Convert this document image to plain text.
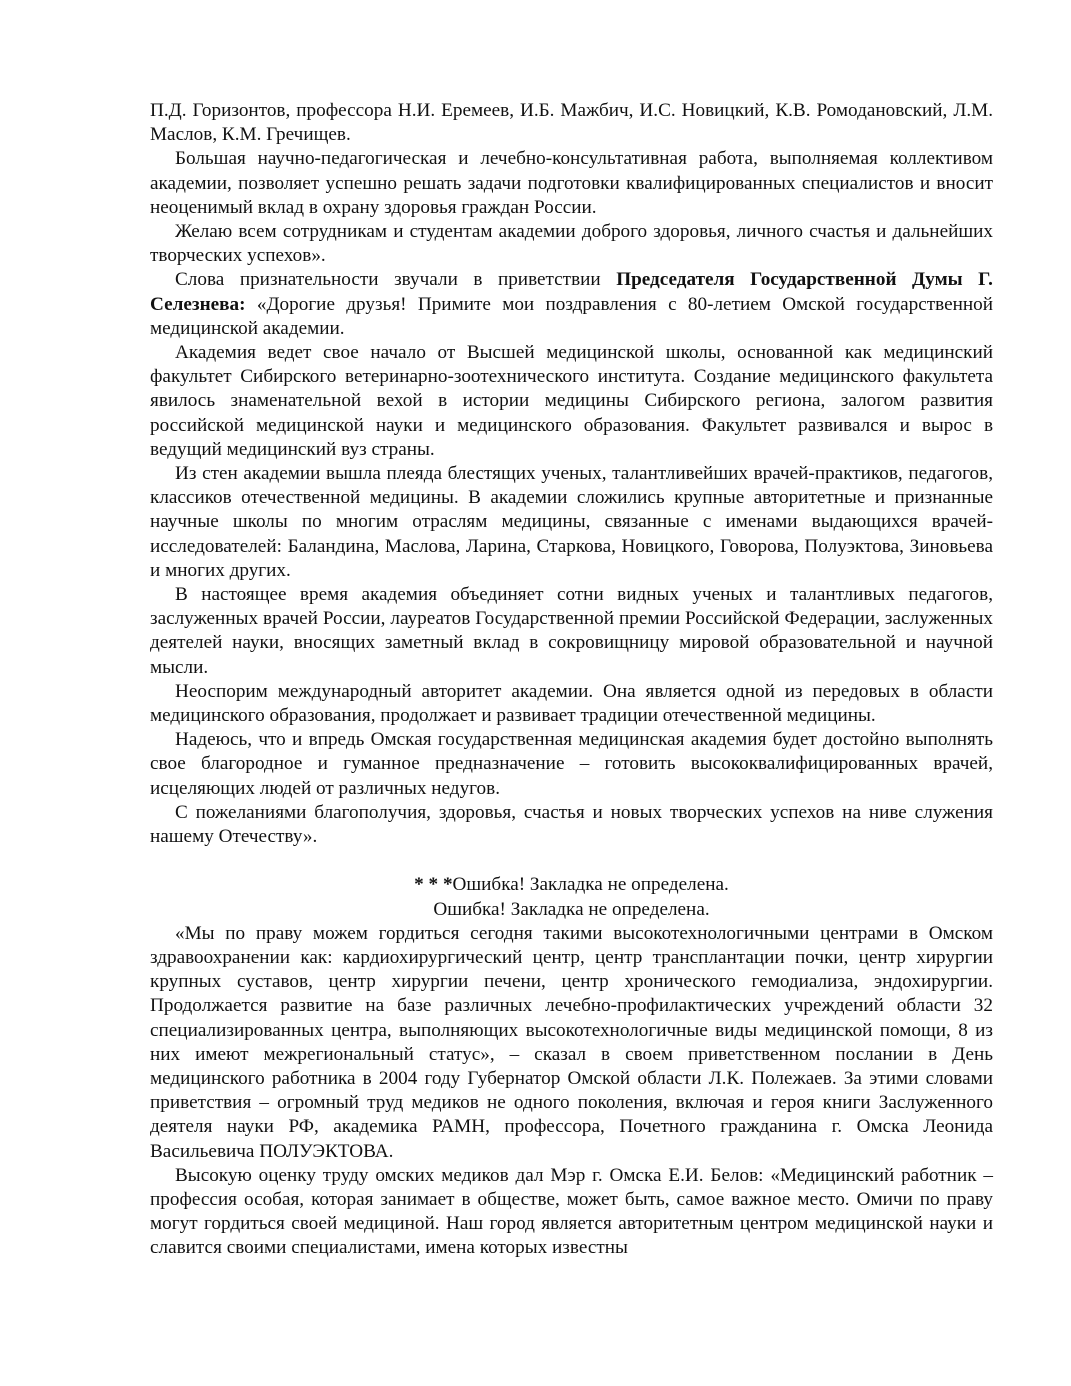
П.Д. Горизонтов, профессора Н.И. Еремеев, И.Б. Мажбич, И.С. Новицкий, К.В. Ромодановский, Л.М. Маслов, К.М. Гречищев.

Большая научно-педагогическая и лечебно-консультативная работа, выполняемая коллективом академии, позволяет успешно решать задачи подготовки квалифицированных специалистов и вносит неоценимый вклад в охрану здоровья граждан России.

Желаю всем сотрудникам и студентам академии доброго здоровья, личного счастья и дальнейших творческих успехов».

Слова признательности звучали в приветствии Председателя Государственной Думы Г. Селезнева: «Дорогие друзья! Примите мои поздравления с 80-летием Омской государственной медицинской академии.

Академия ведет свое начало от Высшей медицинской школы, основанной как медицинский факультет Сибирского ветеринарно-зоотехнического института. Создание медицинского факультета явилось знаменательной вехой в истории медицины Сибирского региона, залогом развития российской медицинской науки и медицинского образования. Факультет развивался и вырос в ведущий медицинский вуз страны.

Из стен академии вышла плеяда блестящих ученых, талантливейших врачей-практиков, педагогов, классиков отечественной медицины. В академии сложились крупные авторитетные и признанные научные школы по многим отраслям медицины, связанные с именами выдающихся врачей-исследователей: Баландина, Маслова, Ларина, Старкова, Новицкого, Говорова, Полуэктова, Зиновьева и многих других.

В настоящее время академия объединяет сотни видных ученых и талантливых педагогов, заслуженных врачей России, лауреатов Государственной премии Российской Федерации, заслуженных деятелей науки, вносящих заметный вклад в сокровищницу мировой образовательной и научной мысли.

Неоспорим международный авторитет академии. Она является одной из передовых в области медицинского образования, продолжает и развивает традиции отечественной медицины.

Надеюсь, что и впредь Омская государственная медицинская академия будет достойно выполнять свое благородное и гуманное предназначение – готовить высококвалифицированных врачей, исцеляющих людей от различных недугов.

С пожеланиями благополучия, здоровья, счастья и новых творческих успехов на ниве служения нашему Отечеству».

* * *Ошибка! Закладка не определена.

Ошибка! Закладка не определена.

«Мы по праву можем гордиться сегодня такими высокотехнологичными центрами в Омском здравоохранении как: кардиохирургический центр, центр трансплантации почки, центр хирургии крупных суставов, центр хирургии печени, центр хронического гемодиализа, эндохирургии. Продолжается развитие на базе различных лечебно-профилактических учреждений области 32 специализированных центра, выполняющих высокотехнологичные виды медицинской помощи, 8 из них имеют межрегиональный статус», – сказал в своем приветственном послании в День медицинского работника в 2004 году Губернатор Омской области Л.К. Полежаев. За этими словами приветствия – огромный труд медиков не одного поколения, включая и героя книги Заслуженного деятеля науки РФ, академика РАМН, профессора, Почетного гражданина г. Омска Леонида Васильевича ПОЛУЭКТОВА.

Высокую оценку труду омских медиков дал Мэр г. Омска Е.И. Белов: «Медицинский работник – профессия особая, которая занимает в обществе, может быть, самое важное место. Омичи по праву могут гордиться своей медициной. Наш город является авторитетным центром медицинской науки и славится своими специалистами, имена которых известны
